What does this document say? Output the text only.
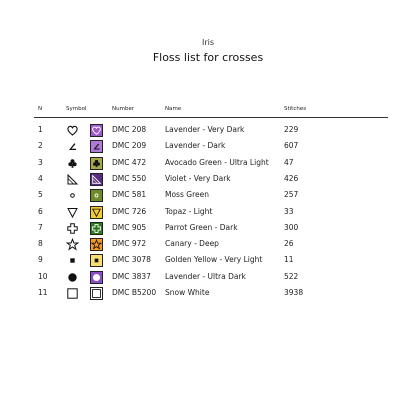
Iris
Floss list for crosses
N	Symbol	Number	Name	Stitches
1	DMC 208	Lavender - Very Dark	229
2	DMC 209	Lavender - Dark	607
3	DMC 472	Avocado Green - Ultra Light 47
4	DMC 550	Violet - Very Dark	426
5	DMC 581	Moss Green	257
6	DMC 726	Topaz - Light	33
7	DMC 905	Parrot Green - Dark	300
8	DMC 972	Canary - Deep	26
9	DMC 3078 Golden Yellow - Very Light	11
10	DMC 3837 Lavender - Ultra Dark	522
11	DMC B5200 Snow White	3938
